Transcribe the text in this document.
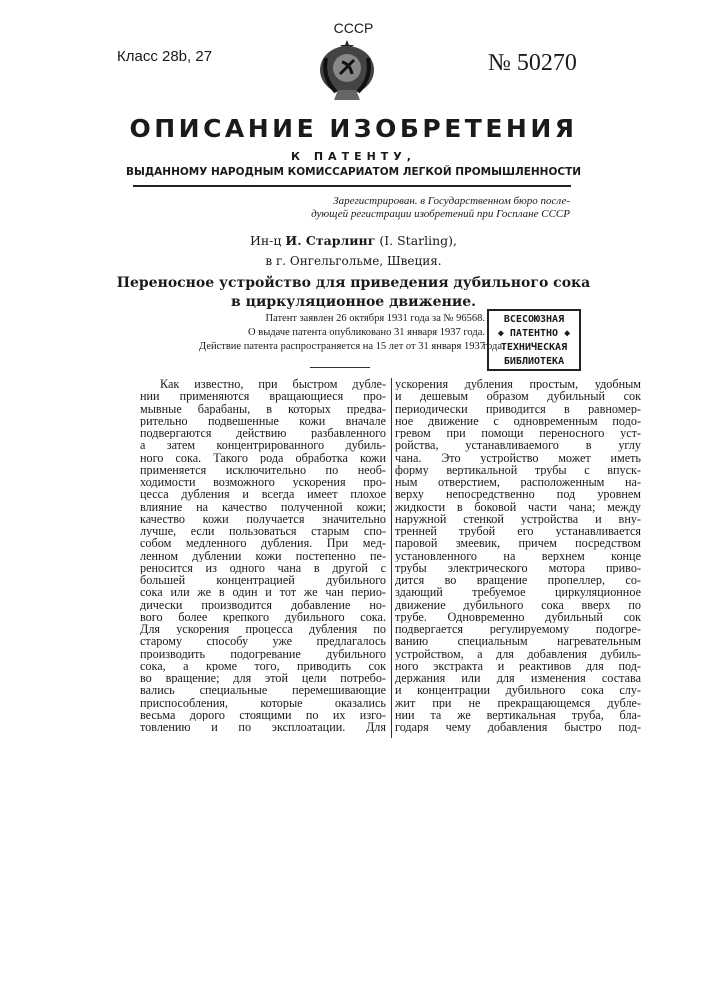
СССР
Класс 28b, 27	№ 50270
ОПИСАНИЕ ИЗОБРЕТЕНИЯ
К ПАТЕНТУ,
ВЫДАННОМУ НАРОДНЫМ КОМИССАРИАТОМ ЛЕГКОЙ ПРОМЫШЛЕННОСТИ
Зарегистрирован. в Государственном бюро после-
дующей регистрации изобретений при Госплане СССР
Ин-ц И. Старлинг (I. Starling),
в г. Онгельгольме, Швеция.
Переносное устройство для приведения дубильного сока
в циркуляционное движение.
Патент заявлен 26 октября 1931 года за № 96568.
О выдаче патента опубликовано 31 января 1937 года.
Действие патента распространяется на 15 лет от 31 января 1937
года.
ВСЕСОЮЗНАЯ
◆ ПАТЕНТНО ◆
ТЕХНИЧЕСКАЯ
БИБЛИОТЕКА
Как известно, при быстром дубле-
нии применяются вращающиеся про-
мывные барабаны, в которых предва-
рительно подвешенные кожи вначале
подвергаются действию разбавленного
а затем концентрированного дубиль-
ного сока. Такого рода обработка кожи
применяется исключительно по необ-
ходимости возможного ускорения про-
цесса дубления и всегда имеет плохое
влияние на качество полученной кожи;
качество кожи получается значительно
лучше, если пользоваться старым спо-
собом медленного дубления. При мед-
ленном дублении кожи постепенно пе-
реносится из одного чана в другой с
большей концентрацией дубильного
сока или же в один и тот же чан перио-
дически производится добавление но-
вого более крепкого дубильного сока.
Для ускорения процесса дубления по
старому способу уже предлагалось
производить подогревание дубильного
сока, а кроме того, приводить сок
во вращение; для этой цели потребо-
вались специальные перемешивающие
приспособления, которые оказались
весьма дорого стоящими по их изго-
товлению и по эксплоатации. Для
ускорения дубления простым, удобным
и дешевым образом дубильный сок
периодически приводится в равномер-
ное движение с одновременным подо-
гревом при помощи переносного уст-
ройства, устанавливаемого в углу
чана. Это устройство может иметь
форму вертикальной трубы с впуск-
ным отверстием, расположенным на-
верху непосредственно под уровнем
жидкости в боковой части чана; между
наружной стенкой устройства и вну-
тренней трубой его устанавливается
паровой змеевик, причем посредством
установленного на верхнем конце
трубы электрического мотора приво-
дится во вращение пропеллер, со-
здающий требуемое циркуляционное
движение дубильного сока вверх по
трубе. Одновременно дубильный сок
подвергается регулируемому подогре-
ванию специальным нагревательным
устройством, а для добавления дубиль-
ного экстракта и реактивов для под-
держания или для изменения состава
и концентрации дубильного сока слу-
жит при не прекращающемся дубле-
нии та же вертикальная труба, бла-
годаря чему добавления быстро под-
